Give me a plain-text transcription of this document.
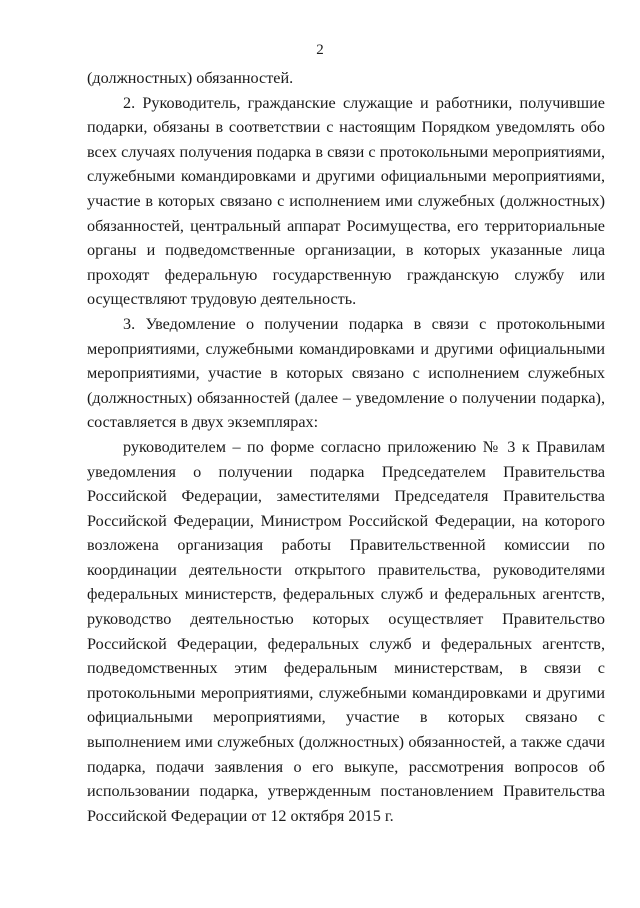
2

(должностных) обязанностей.

2. Руководитель, гражданские служащие и работники, получившие подарки, обязаны в соответствии с настоящим Порядком уведомлять обо всех случаях получения подарка в связи с протокольными мероприятиями, служебными командировками и другими официальными мероприятиями, участие в которых связано с исполнением ими служебных (должностных) обязанностей, центральный аппарат Росимущества, его территориальные органы и подведомственные организации, в которых указанные лица проходят федеральную государственную гражданскую службу или осуществляют трудовую деятельность.

3. Уведомление о получении подарка в связи с протокольными мероприятиями, служебными командировками и другими официальными мероприятиями, участие в которых связано с исполнением служебных (должностных) обязанностей (далее – уведомление о получении подарка), составляется в двух экземплярах:

руководителем – по форме согласно приложению № 3 к Правилам уведомления о получении подарка Председателем Правительства Российской Федерации, заместителями Председателя Правительства Российской Федерации, Министром Российской Федерации, на которого возложена организация работы Правительственной комиссии по координации деятельности открытого правительства, руководителями федеральных министерств, федеральных служб и федеральных агентств, руководство деятельностью которых осуществляет Правительство Российской Федерации, федеральных служб и федеральных агентств, подведомственных этим федеральным министерствам, в связи с протокольными мероприятиями, служебными командировками и другими официальными мероприятиями, участие в которых связано с выполнением ими служебных (должностных) обязанностей, а также сдачи подарка, подачи заявления о его выкупе, рассмотрения вопросов об использовании подарка, утвержденным постановлением Правительства Российской Федерации от 12 октября 2015 г.
